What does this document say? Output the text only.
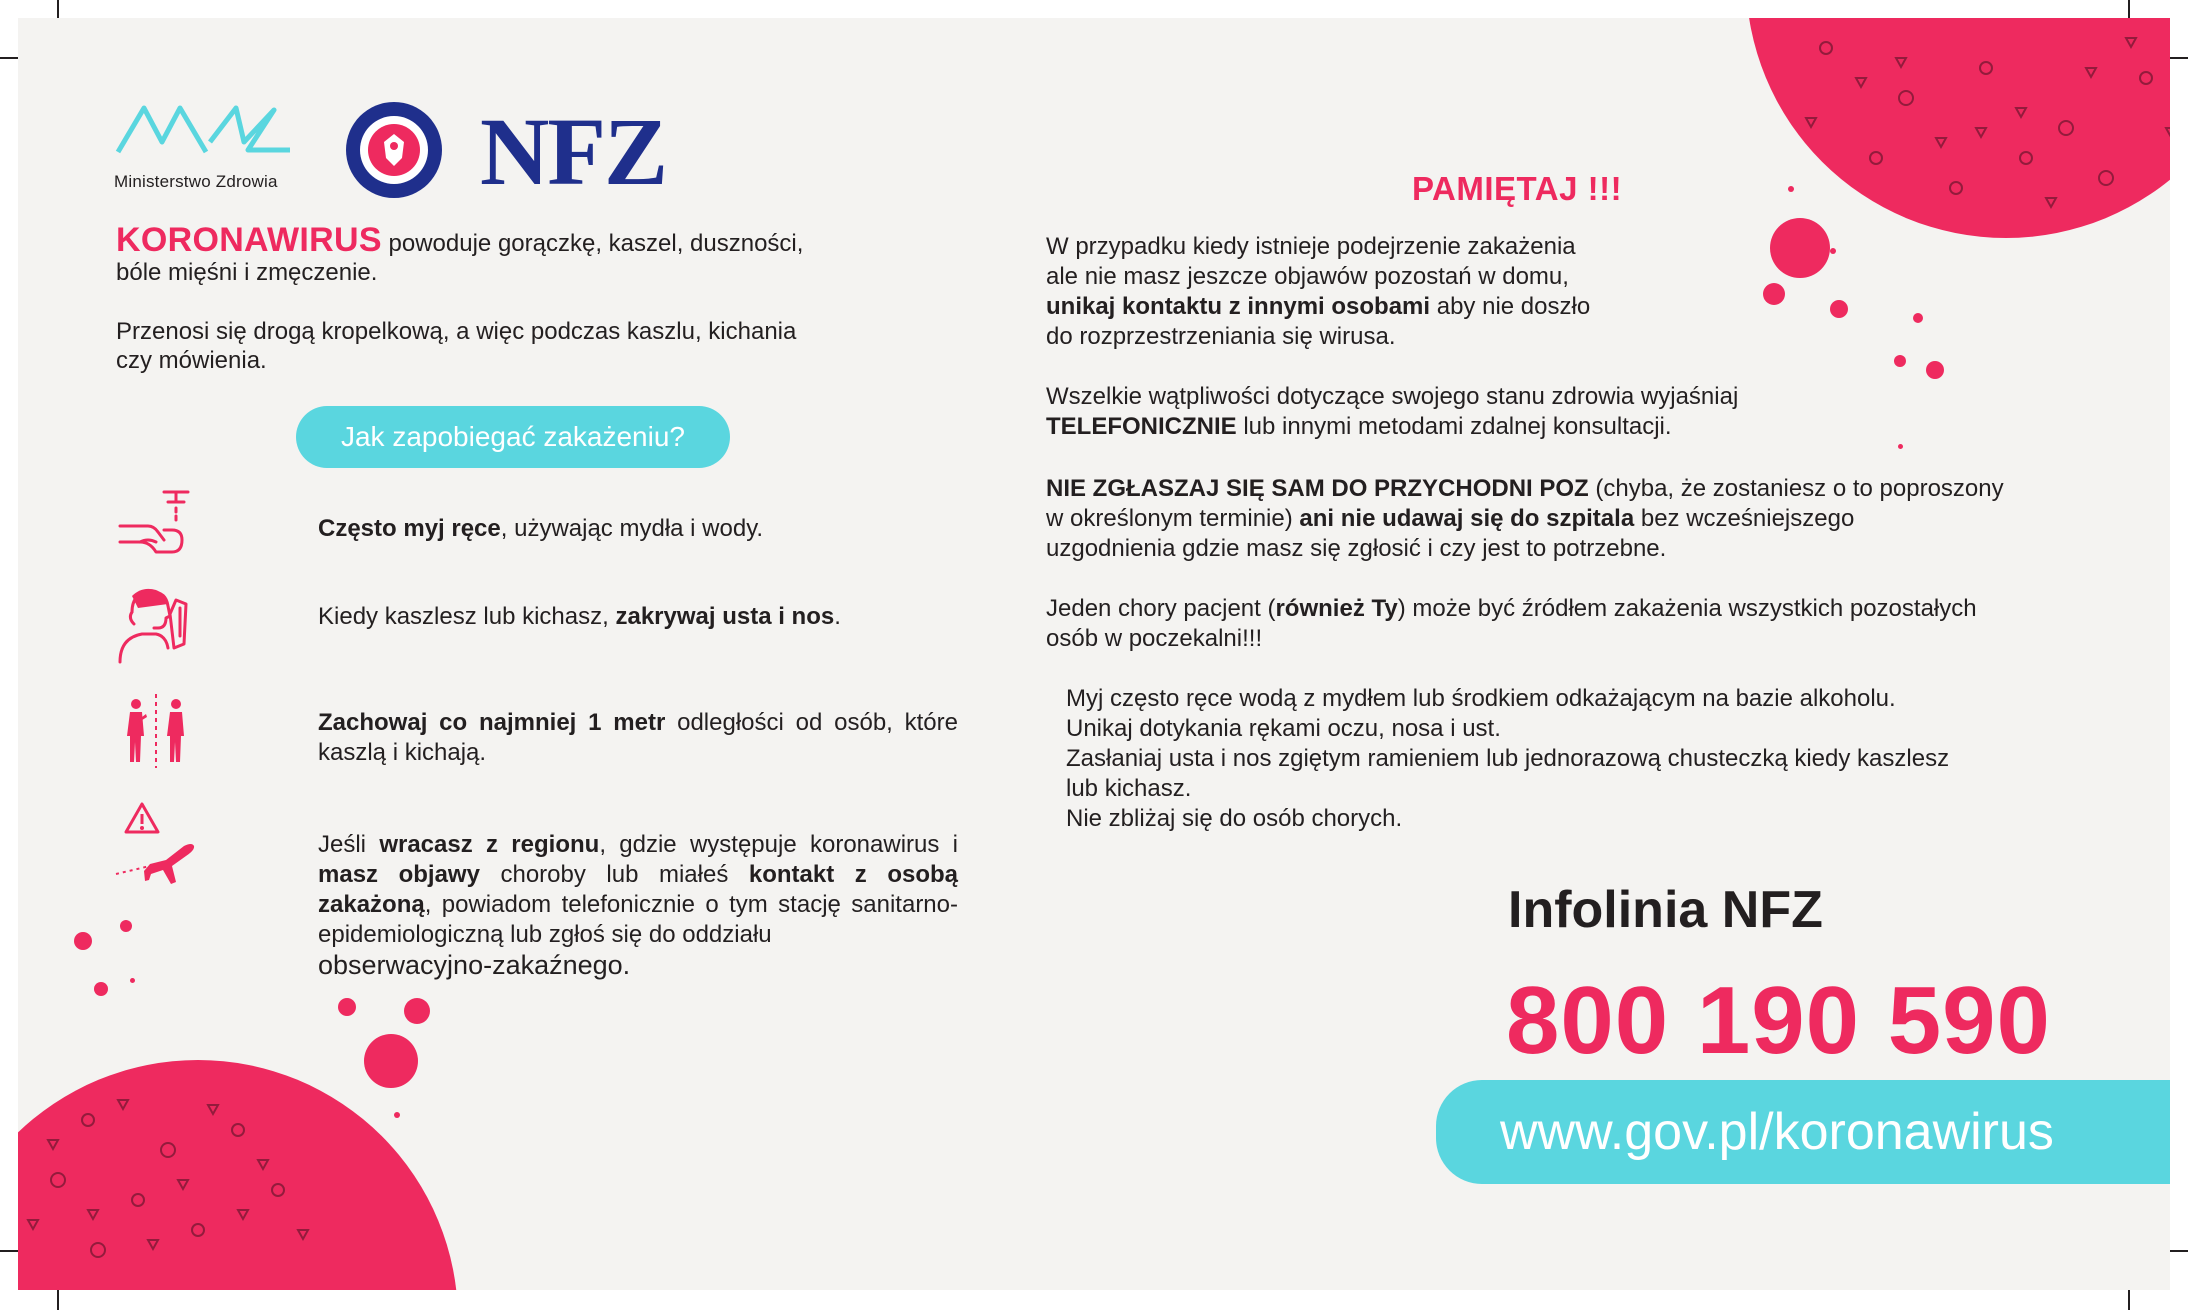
Ministerstwo Zdrowia NFZ
KORONAWIRUS powoduje gorączkę, kaszel, duszności,
bóle mięśni i zmęczenie.
Przenosi się drogą kropelkową, a więc podczas kaszlu, kichania
czy mówienia.
Jak zapobiegać zakażeniu?
Często myj ręce, używając mydła i wody.
Kiedy kaszlesz lub kichasz, zakrywaj usta i nos.
Zachowaj co najmniej 1 metr odległości od osób, które kaszlą i kichają.
Jeśli wracasz z regionu, gdzie występuje koronawirus i masz objawy choroby lub miałeś kontakt z osobą zakażoną, powiadom telefonicznie o tym stację sanitarno-epidemiologiczną lub zgłoś się do oddziału
obserwacyjno-zakaźnego.
PAMIĘTAJ !!!
W przypadku kiedy istnieje podejrzenie zakażenia
ale nie masz jeszcze objawów pozostań w domu,
unikaj kontaktu z innymi osobami aby nie doszło
do rozprzestrzeniania się wirusa.
Wszelkie wątpliwości dotyczące swojego stanu zdrowia wyjaśniaj
TELEFONICZNIE lub innymi metodami zdalnej konsultacji.
NIE ZGŁASZAJ SIĘ SAM DO PRZYCHODNI POZ (chyba, że zostaniesz o to poproszony
w określonym terminie) ani nie udawaj się do szpitala bez wcześniejszego
uzgodnienia gdzie masz się zgłosić i czy jest to potrzebne.
Jeden chory pacjent (również Ty) może być źródłem zakażenia wszystkich pozostałych
osób w poczekalni!!!
Myj często ręce wodą z mydłem lub środkiem odkażającym na bazie alkoholu.
Unikaj dotykania rękami oczu, nosa i ust.
Zasłaniaj usta i nos zgiętym ramieniem lub jednorazową chusteczką kiedy kaszlesz
lub kichasz.
Nie zbliżaj się do osób chorych.
Infolinia NFZ
800 190 590
www.gov.pl/koronawirus
